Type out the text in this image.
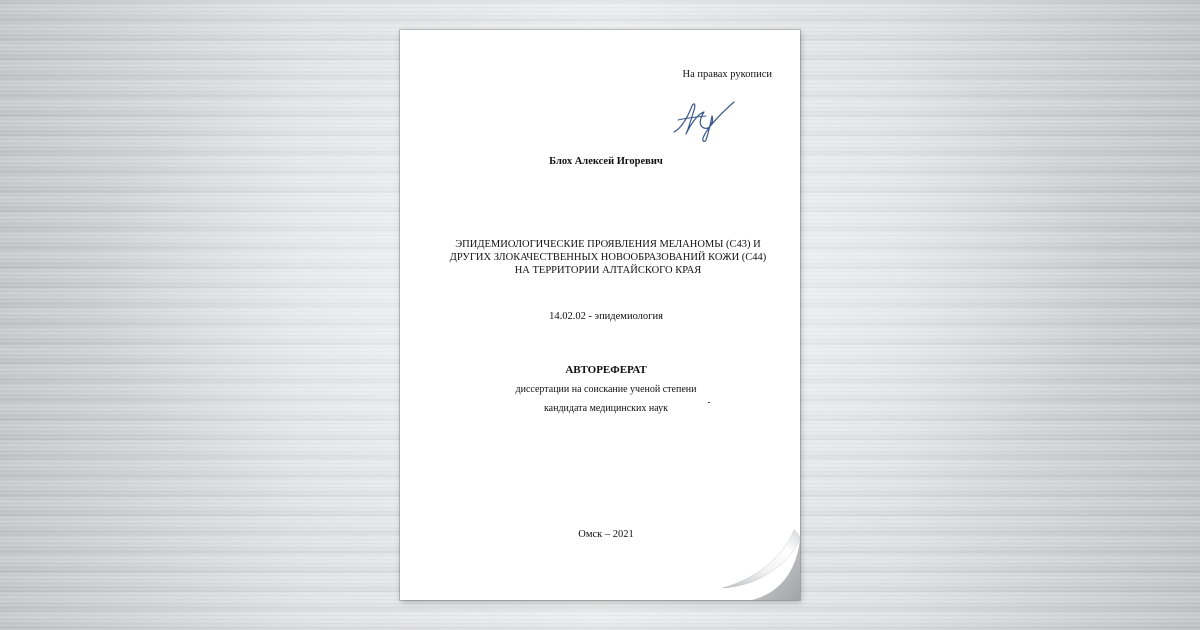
На правах рукописи
Блох Алексей Игоревич
ЭПИДЕМИОЛОГИЧЕСКИЕ ПРОЯВЛЕНИЯ МЕЛАНОМЫ (С43) И
ДРУГИХ ЗЛОКАЧЕСТВЕННЫХ НОВООБРАЗОВАНИЙ КОЖИ (С44)
НА ТЕРРИТОРИИ АЛТАЙСКОГО КРАЯ
14.02.02 - эпидемиология
АВТОРЕФЕРАТ
диссертации на соискание ученой степени
кандидата медицинских наук
Омск – 2021
